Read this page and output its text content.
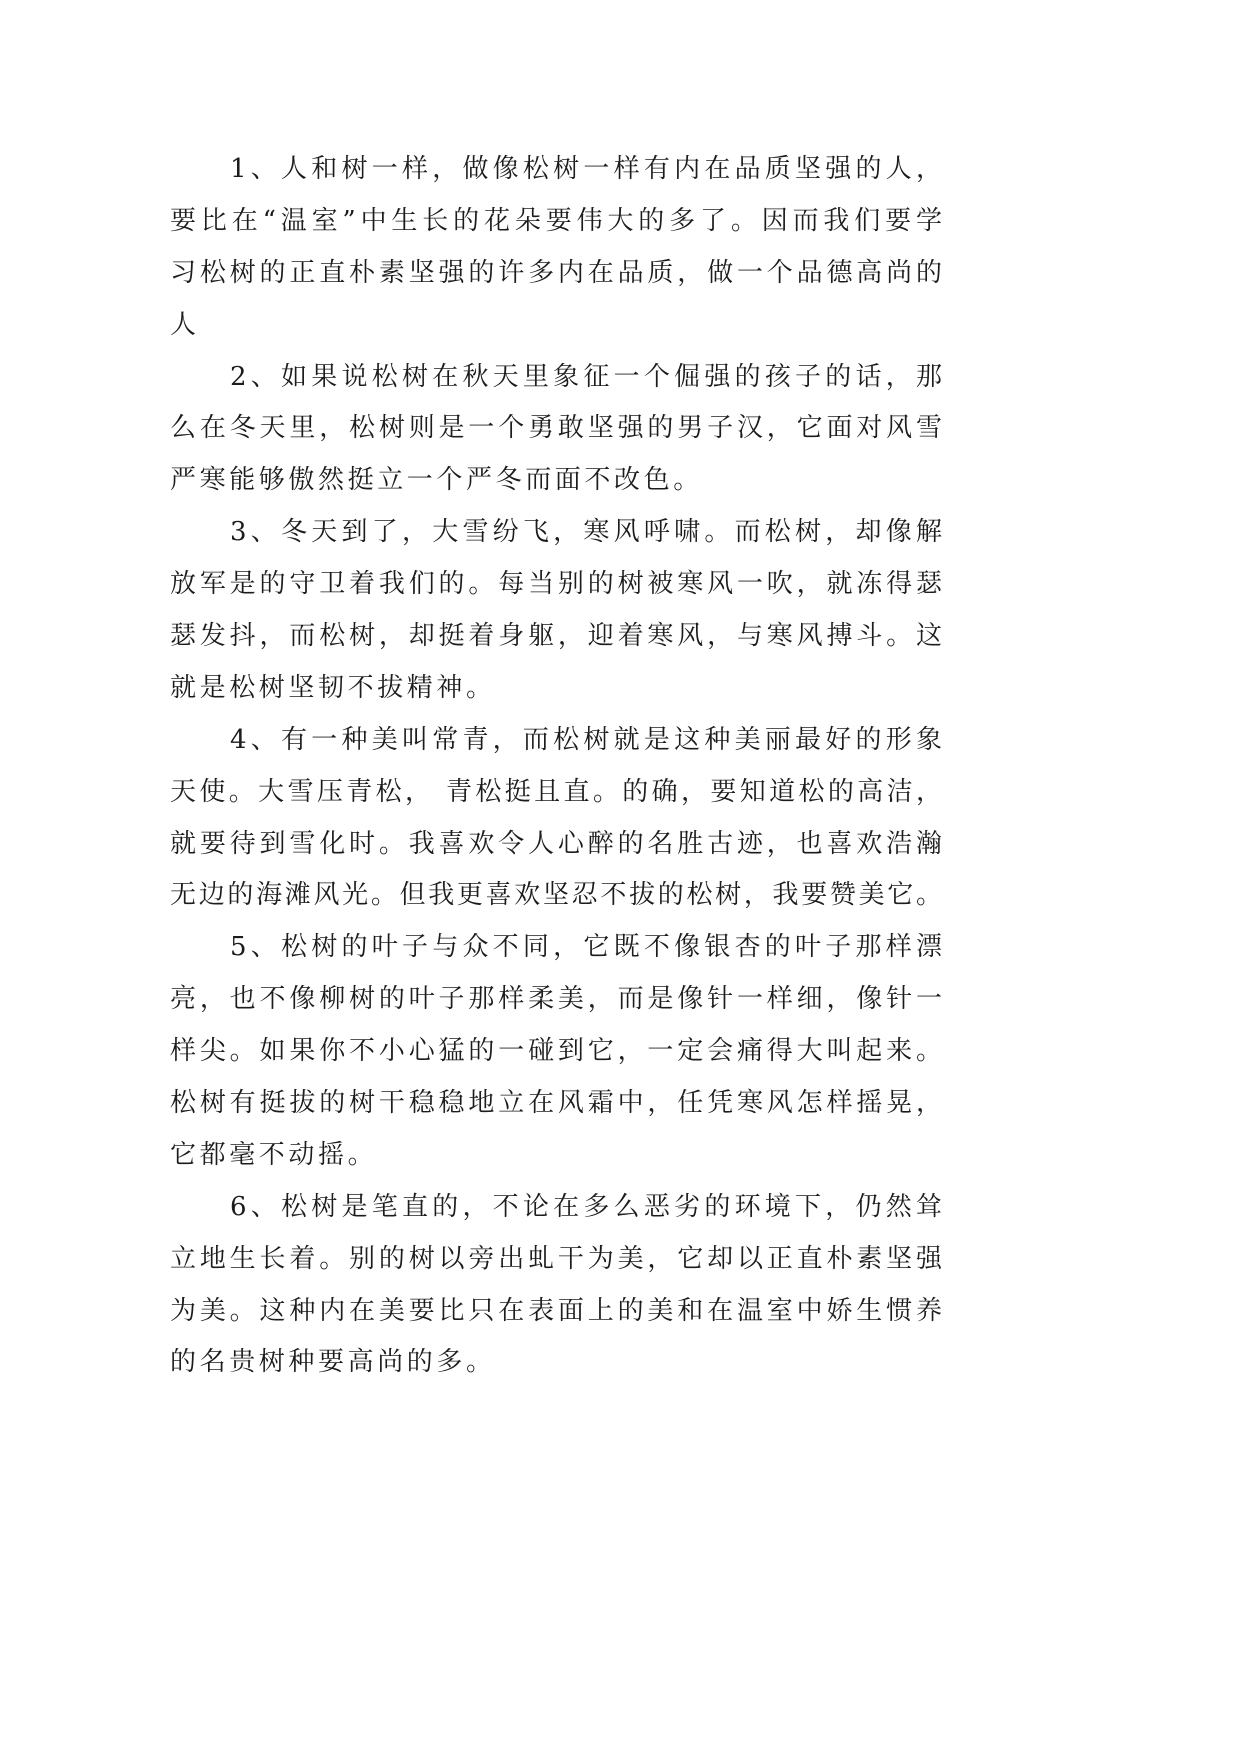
1、人和树一样，做像松树一样有内在品质坚强的人，
要比在“温室”中生长的花朵要伟大的多了。因而我们要学
习松树的正直朴素坚强的许多内在品质，做一个品德高尚的
人
2、如果说松树在秋天里象征一个倔强的孩子的话，那
么在冬天里，松树则是一个勇敢坚强的男子汉，它面对风雪
严寒能够傲然挺立一个严冬而面不改色。
3、冬天到了，大雪纷飞，寒风呼啸。而松树，却像解
放军是的守卫着我们的。每当别的树被寒风一吹，就冻得瑟
瑟发抖，而松树，却挺着身躯，迎着寒风，与寒风搏斗。这
就是松树坚韧不拔精神。
4、有一种美叫常青，而松树就是这种美丽最好的形象
天使。大雪压青松， 青松挺且直。的确，要知道松的高洁，
就要待到雪化时。我喜欢令人心醉的名胜古迹，也喜欢浩瀚
无边的海滩风光。但我更喜欢坚忍不拔的松树，我要赞美它。
5、松树的叶子与众不同，它既不像银杏的叶子那样漂
亮，也不像柳树的叶子那样柔美，而是像针一样细，像针一
样尖。如果你不小心猛的一碰到它，一定会痛得大叫起来。
松树有挺拔的树干稳稳地立在风霜中，任凭寒风怎样摇晃，
它都毫不动摇。
6、松树是笔直的，不论在多么恶劣的环境下，仍然耸
立地生长着。别的树以旁出虬干为美，它却以正直朴素坚强
为美。这种内在美要比只在表面上的美和在温室中娇生惯养
的名贵树种要高尚的多。
